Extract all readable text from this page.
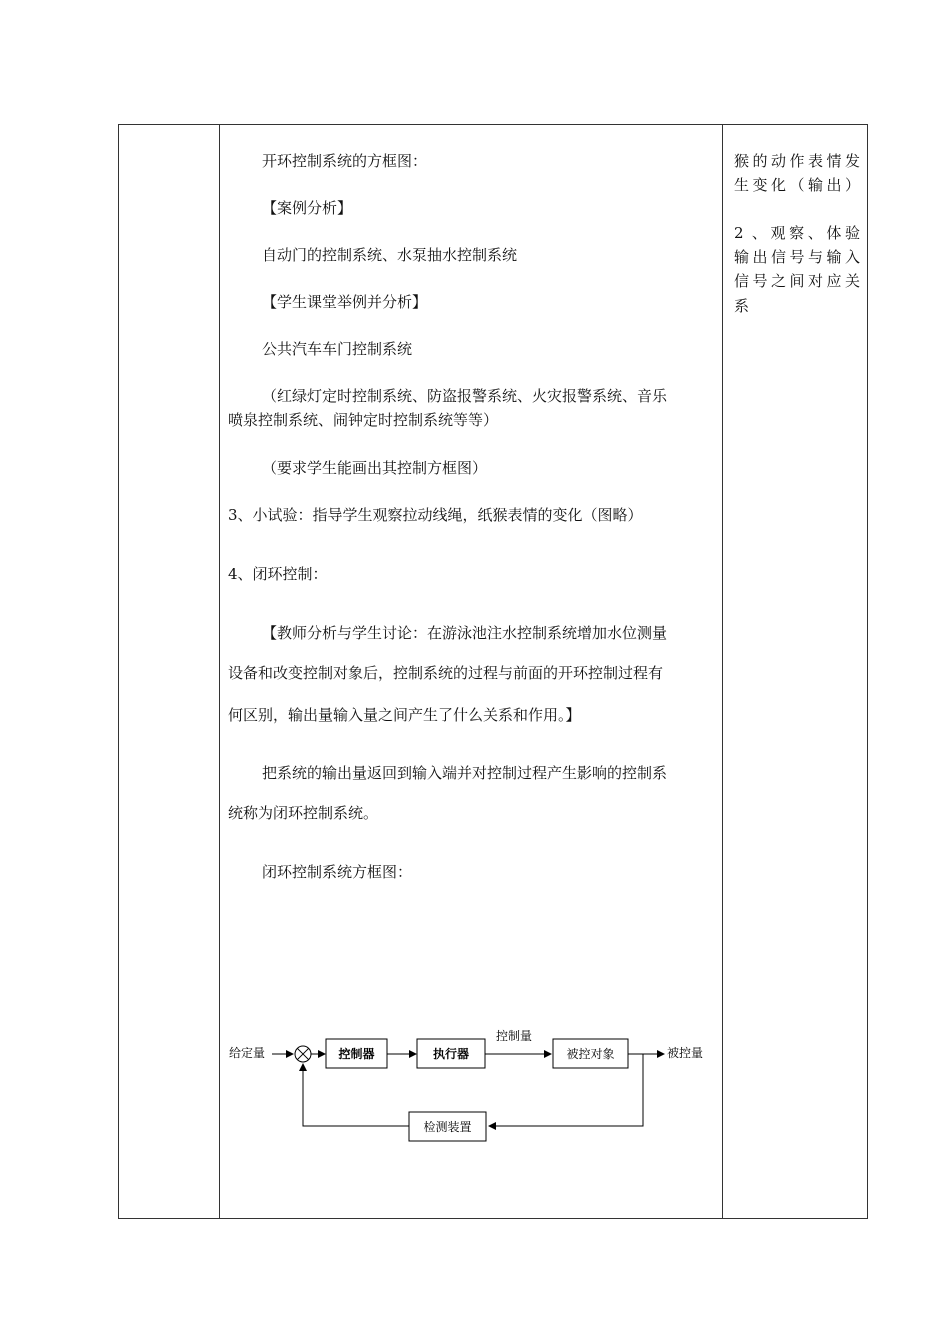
开环控制系统的方框图：
【案例分析】
自动门的控制系统、水泵抽水控制系统
【学生课堂举例并分析】
公共汽车车门控制系统
（红绿灯定时控制系统、防盗报警系统、火灾报警系统、音乐
喷泉控制系统、闹钟定时控制系统等等）
（要求学生能画出其控制方框图）
3、小试验：指导学生观察拉动线绳，纸猴表情的变化（图略）
4、闭环控制：
【教师分析与学生讨论：在游泳池注水控制系统增加水位测量
设备和改变控制对象后，控制系统的过程与前面的开环控制过程有
何区别，输出量输入量之间产生了什么关系和作用。】
把系统的输出量返回到输入端并对控制过程产生影响的控制系
统称为闭环控制系统。
闭环控制系统方框图：
猴的动作表情发
生变化（输出）
2 、观察、体验
输出信号与输入
信号之间对应关
系
给定量	控制器	执行器
控制量
被控对象	被控量
检测装置
